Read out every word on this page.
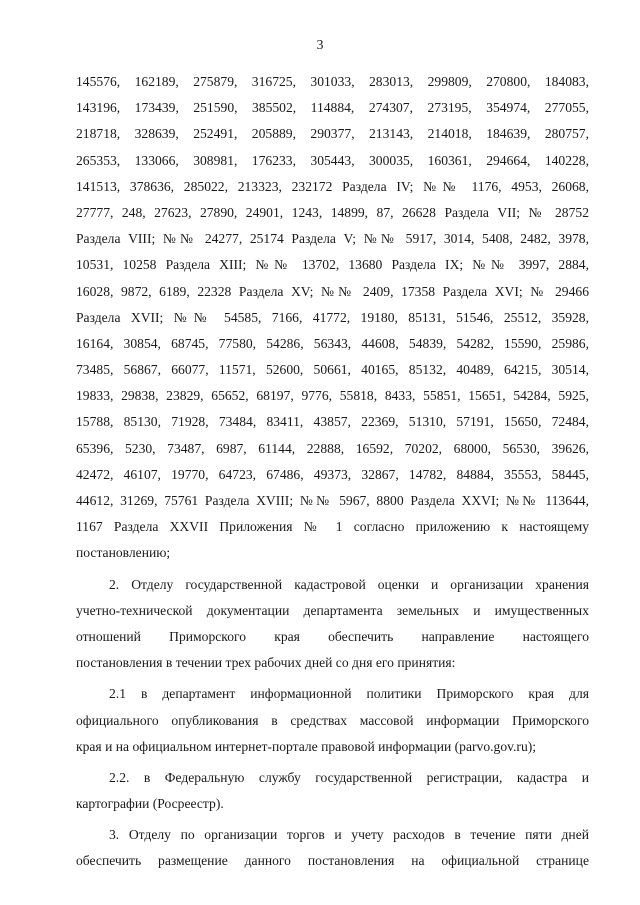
3
145576, 162189, 275879, 316725, 301033, 283013, 299809, 270800, 184083,
143196, 173439, 251590, 385502, 114884, 274307, 273195, 354974, 277055,
218718, 328639, 252491, 205889, 290377, 213143, 214018, 184639, 280757,
265353, 133066, 308981, 176233, 305443, 300035, 160361, 294664, 140228,
141513, 378636, 285022, 213323, 232172 Раздела IV; №№ 1176, 4953, 26068,
27777, 248, 27623, 27890, 24901, 1243, 14899, 87, 26628 Раздела VII; № 28752
Раздела VIII; №№ 24277, 25174 Раздела V; №№ 5917, 3014, 5408, 2482, 3978,
10531, 10258 Раздела XIII; №№ 13702, 13680 Раздела IX; №№ 3997, 2884,
16028, 9872, 6189, 22328 Раздела XV; №№ 2409, 17358 Раздела XVI; № 29466
Раздела XVII; №№ 54585, 7166, 41772, 19180, 85131, 51546, 25512, 35928,
16164, 30854, 68745, 77580, 54286, 56343, 44608, 54839, 54282, 15590, 25986,
73485, 56867, 66077, 11571, 52600, 50661, 40165, 85132, 40489, 64215, 30514,
19833, 29838, 23829, 65652, 68197, 9776, 55818, 8433, 55851, 15651, 54284, 5925,
15788, 85130, 71928, 73484, 83411, 43857, 22369, 51310, 57191, 15650, 72484,
65396, 5230, 73487, 6987, 61144, 22888, 16592, 70202, 68000, 56530, 39626,
42472, 46107, 19770, 64723, 67486, 49373, 32867, 14782, 84884, 35553, 58445,
44612, 31269, 75761 Раздела XVIII; №№ 5967, 8800 Раздела XXVI; №№ 113644,
1167 Раздела XXVII Приложения № 1 согласно приложению к настоящему
постановлению;
2. Отделу государственной кадастровой оценки и организации хранения
учетно-технической документации департамента земельных и имущественных
отношений Приморского края обеспечить направление настоящего
постановления в течении трех рабочих дней со дня его принятия:
2.1 в департамент информационной политики Приморского края для
официального опубликования в средствах массовой информации Приморского
края и на официальном интернет-портале правовой информации (parvo.gov.ru);
2.2. в Федеральную службу государственной регистрации, кадастра и
картографии (Росреестр).
3. Отделу по организации торгов и учету расходов в течение пяти дней
обеспечить размещение данного постановления на официальной странице
